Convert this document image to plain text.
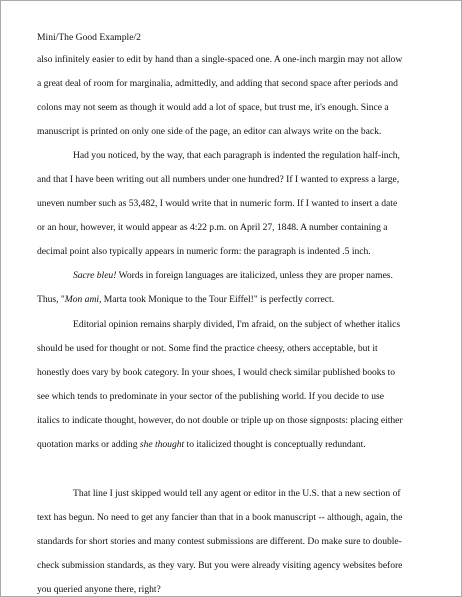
Mini/The Good Example/2
also infinitely easier to edit by hand than a single-spaced one. A one-inch margin may not allow
a great deal of room for marginalia, admittedly, and adding that second space after periods and
colons may not seem as though it would add a lot of space, but trust me, it's enough. Since a
manuscript is printed on only one side of the page, an editor can always write on the back.
Had you noticed, by the way, that each paragraph is indented the regulation half-inch,
and that I have been writing out all numbers under one hundred? If I wanted to express a large,
uneven number such as 53,482, I would write that in numeric form. If I wanted to insert a date
or an hour, however, it would appear as 4:22 p.m. on April 27, 1848. A number containing a
decimal point also typically appears in numeric form: the paragraph is indented .5 inch.
Sacre bleu! Words in foreign languages are italicized, unless they are proper names.
Thus, "Mon ami, Marta took Monique to the Tour Eiffel!" is perfectly correct.
Editorial opinion remains sharply divided, I'm afraid, on the subject of whether italics
should be used for thought or not. Some find the practice cheesy, others acceptable, but it
honestly does vary by book category. In your shoes, I would check similar published books to
see which tends to predominate in your sector of the publishing world. If you decide to use
italics to indicate thought, however, do not double or triple up on those signposts: placing either
quotation marks or adding she thought to italicized thought is conceptually redundant.
That line I just skipped would tell any agent or editor in the U.S. that a new section of
text has begun. No need to get any fancier than that in a book manuscript -- although, again, the
standards for short stories and many contest submissions are different. Do make sure to double-
check submission standards, as they vary. But you were already visiting agency websites before
you queried anyone there, right?
